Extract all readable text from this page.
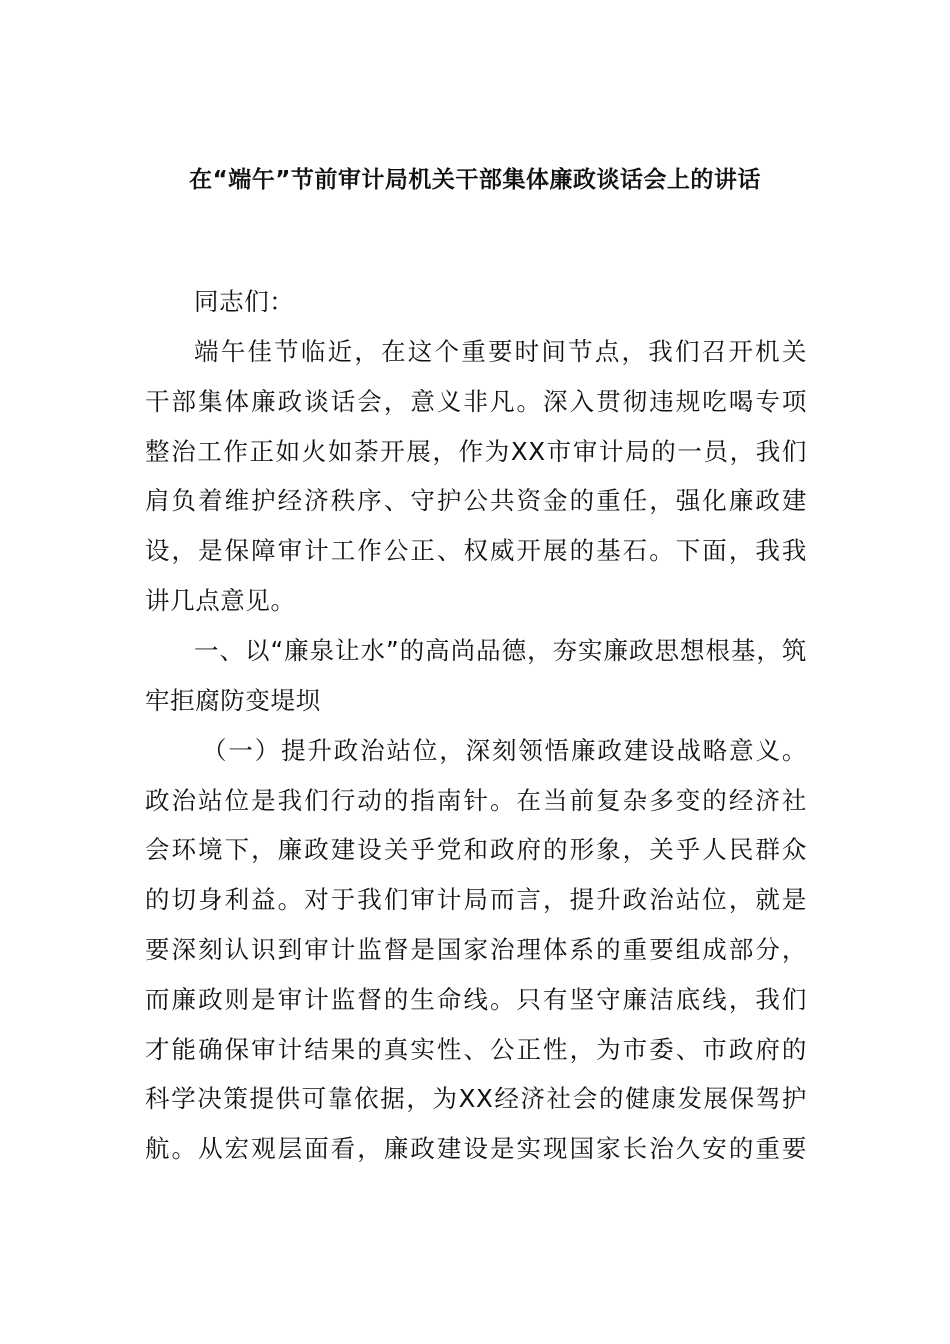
在“端午”节前审计局机关干部集体廉政谈话会上的讲话
同志们：
端午佳节临近，在这个重要时间节点，我们召开机关
干部集体廉政谈话会，意义非凡。深入贯彻违规吃喝专项
整治工作正如火如荼开展，作为XX市审计局的一员，我们
肩负着维护经济秩序、守护公共资金的重任，强化廉政建
设，是保障审计工作公正、权威开展的基石。下面，我我
讲几点意见。
一、以“廉泉让水”的高尚品德，夯实廉政思想根基，筑
牢拒腐防变堤坝
（一）提升政治站位，深刻领悟廉政建设战略意义。
政治站位是我们行动的指南针。在当前复杂多变的经济社
会环境下，廉政建设关乎党和政府的形象，关乎人民群众
的切身利益。对于我们审计局而言，提升政治站位，就是
要深刻认识到审计监督是国家治理体系的重要组成部分，
而廉政则是审计监督的生命线。只有坚守廉洁底线，我们
才能确保审计结果的真实性、公正性，为市委、市政府的
科学决策提供可靠依据，为XX经济社会的健康发展保驾护
航。从宏观层面看，廉政建设是实现国家长治久安的重要
